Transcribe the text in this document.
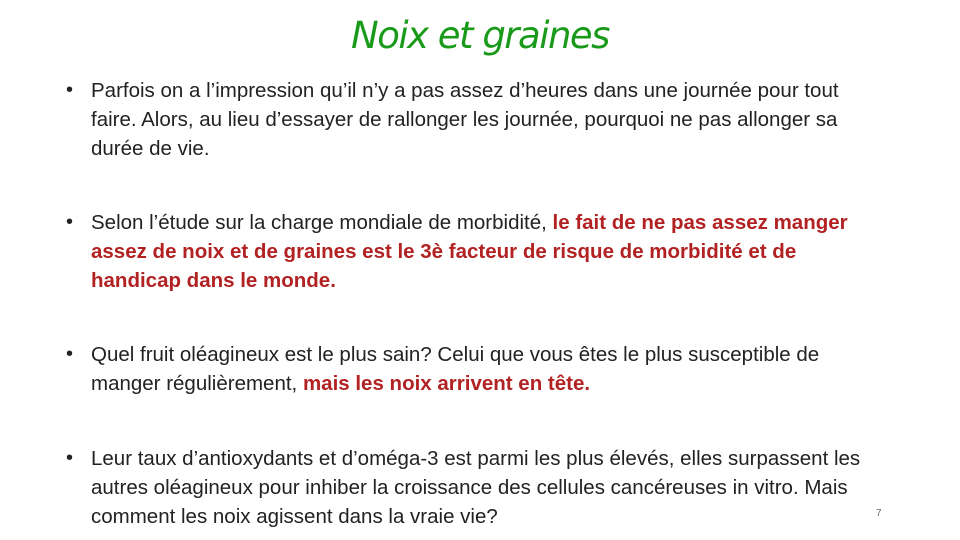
Noix et graines
• Parfois on a l’impression qu’il n’y a pas assez d’heures dans une journée pour tout faire. Alors, au lieu d’essayer de rallonger les journée, pourquoi ne pas allonger sa durée de vie.
• Selon l’étude sur la charge mondiale de morbidité, le fait de ne pas assez manger assez de noix et de graines est le 3è facteur de risque de morbidité et de handicap dans le monde.
• Quel fruit oléagineux est le plus sain? Celui que vous êtes le plus susceptible de manger régulièrement, mais les noix arrivent en tête.
• Leur taux d’antioxydants et d’oméga-3 est parmi les plus élevés, elles surpassent les autres oléagineux pour inhiber la croissance des cellules cancéreuses in vitro. Mais comment les noix agissent dans la vraie vie?	7
